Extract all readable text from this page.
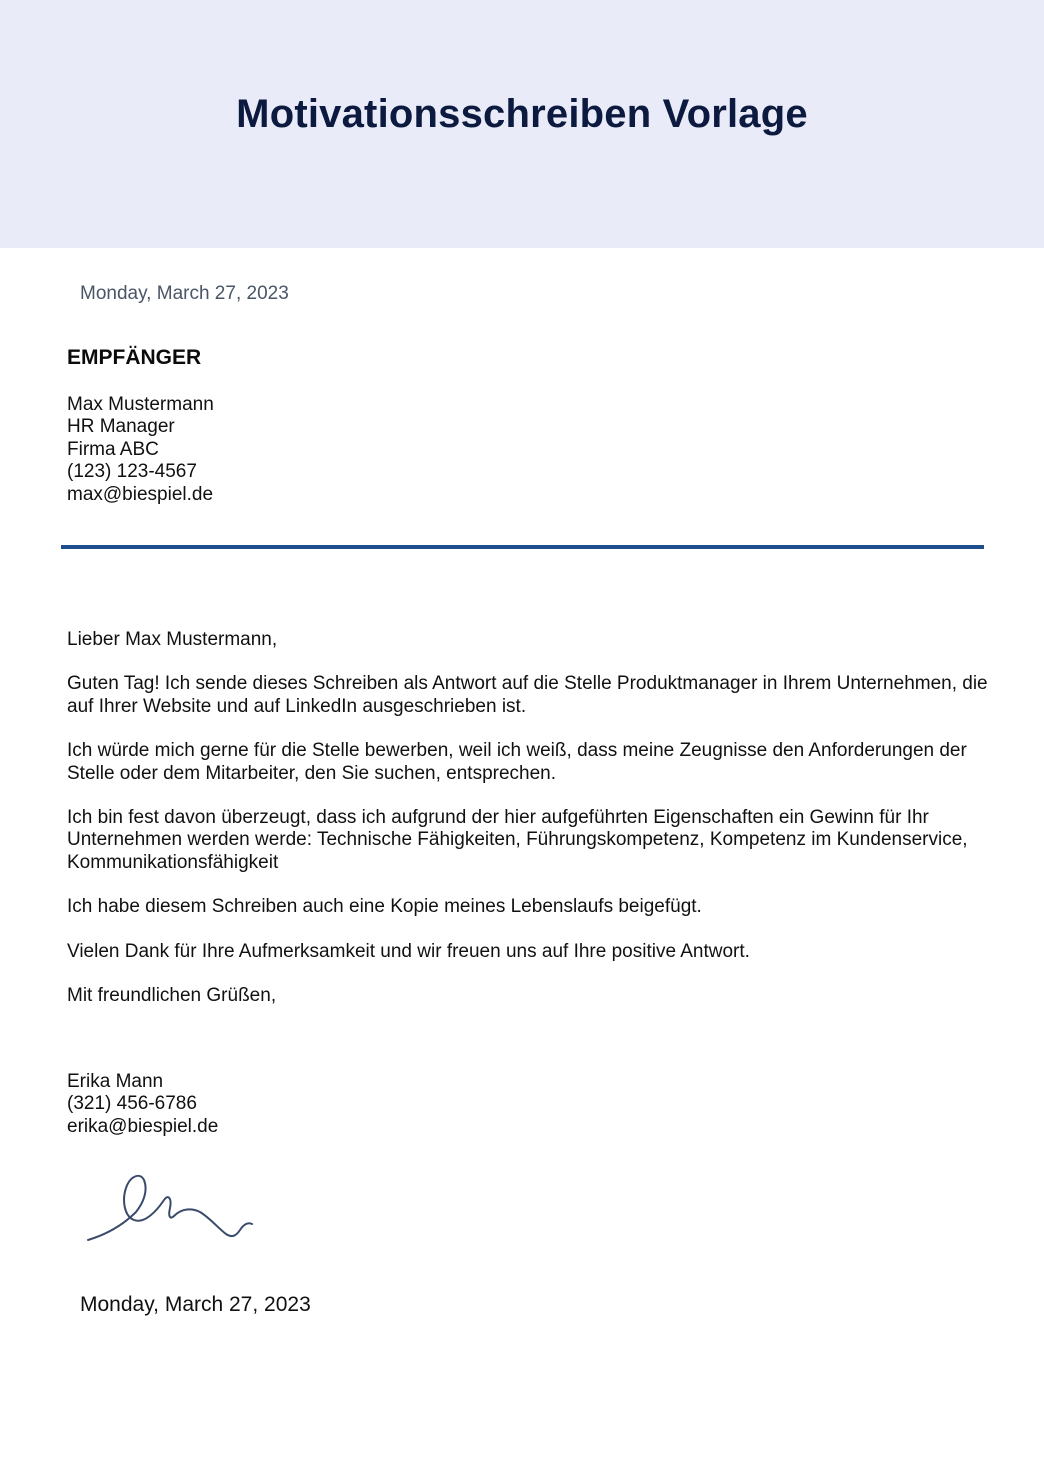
Motivationsschreiben Vorlage
Monday, March 27, 2023
EMPFÄNGER
Max Mustermann
HR Manager
Firma ABC
(123) 123-4567
max@biespiel.de

Lieber Max Mustermann,

Guten Tag! Ich sende dieses Schreiben als Antwort auf die Stelle Produktmanager in Ihrem Unternehmen, die auf Ihrer Website und auf LinkedIn ausgeschrieben ist.

Ich würde mich gerne für die Stelle bewerben, weil ich weiß, dass meine Zeugnisse den Anforderungen der Stelle oder dem Mitarbeiter, den Sie suchen, entsprechen.

Ich bin fest davon überzeugt, dass ich aufgrund der hier aufgeführten Eigenschaften ein Gewinn für Ihr Unternehmen werden werde: Technische Fähigkeiten, Führungskompetenz, Kompetenz im Kundenservice, Kommunikationsfähigkeit

Ich habe diesem Schreiben auch eine Kopie meines Lebenslaufs beigefügt.

Vielen Dank für Ihre Aufmerksamkeit und wir freuen uns auf Ihre positive Antwort.

Mit freundlichen Grüßen,

Erika Mann
(321) 456-6786
erika@biespiel.de
Monday, March 27, 2023
